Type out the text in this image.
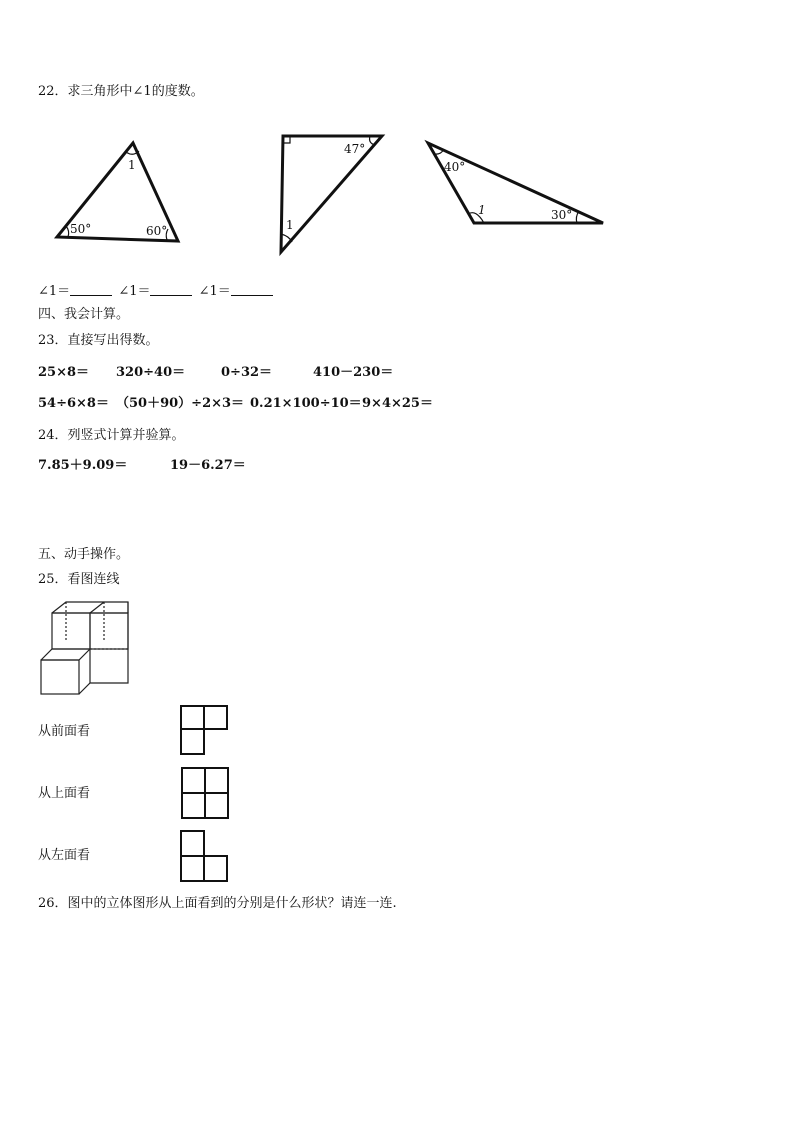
22．求三角形中∠1的度数。
1
50°	60°
47°
1
40°
1	30°
∠1＝	∠1＝	∠1＝
四、我会计算。
23．直接写出得数。
25×8＝ 320÷40＝	0÷32＝	410－230＝
54÷6×8＝ （50＋90）÷2×3＝ 0.21×100÷10＝ 9×4×25＝
24．列竖式计算并验算。
7.85＋9.09＝	19－6.27＝
五、动手操作。
25．看图连线
从前面看
从上面看
从左面看
26．图中的立体图形从上面看到的分别是什么形状？请连一连.
